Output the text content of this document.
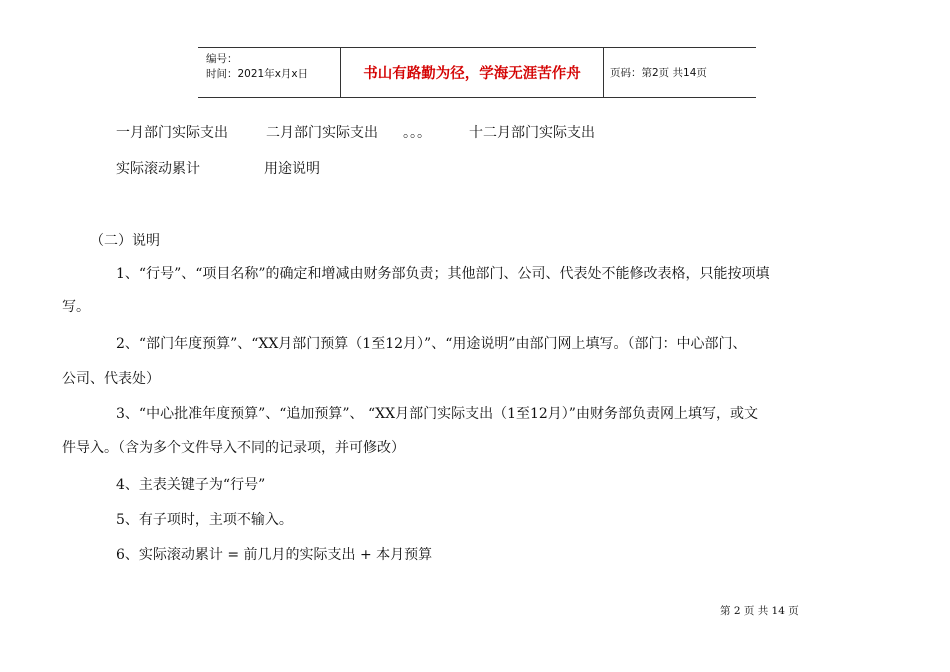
编号：
时间：2021年x月x日	书山有路勤为径，学海无涯苦作舟	页码：第2页 共14页
一月部门实际支出	二月部门实际支出 。。。	十二月部门实际支出
实际滚动累计	用途说明
（二）说明
1、“行号”、“项目名称”的确定和增减由财务部负责；其他部门、公司、代表处不能修改表格，只能按项填
写。
2、“部门年度预算”、“XX月部门预算（1至12月）”、“用途说明”由部门网上填写。（部门：中心部门、
公司、代表处）
3、“中心批准年度预算”、“追加预算”、 “XX月部门实际支出（1至12月）”由财务部负责网上填写，或文
件导入。（含为多个文件导入不同的记录项，并可修改）
4、主表关键子为“行号”
5、有子项时，主项不输入。
6、实际滚动累计 = 前几月的实际支出 + 本月预算
第 2 页 共 14 页
